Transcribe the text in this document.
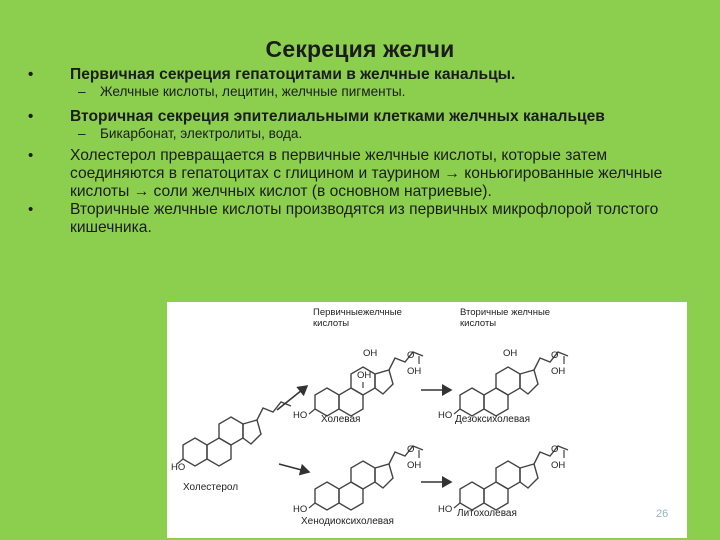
Секреция желчи
• Первичная секреция гепатоцитами в желчные канальцы.
– Желчные кислоты, лецитин, желчные пигменты.
• Вторичная секреция эпителиальными клетками желчных канальцев
– Бикарбонат, электролиты, вода.
• Холестерол превращается в первичные желчные кислоты, которые затем соединяются в гепатоцитах с глицином и таурином → коньюгированные желчные кислоты → соли желчных кислот (в основном натриевые).
• Вторичные желчные кислоты производятся из первичных микрофлорой толстого кишечника.
Первичныежелчные кислоты
Вторичные желчные кислоты
OH	O
OH
OH
HO
OH	O
OH
HO
HO
O
OH
HO
O
OH
HO
Холевая	Дезоксихолевая
Холестерол
Хенодиоксихолевая
Литохолевая	26
